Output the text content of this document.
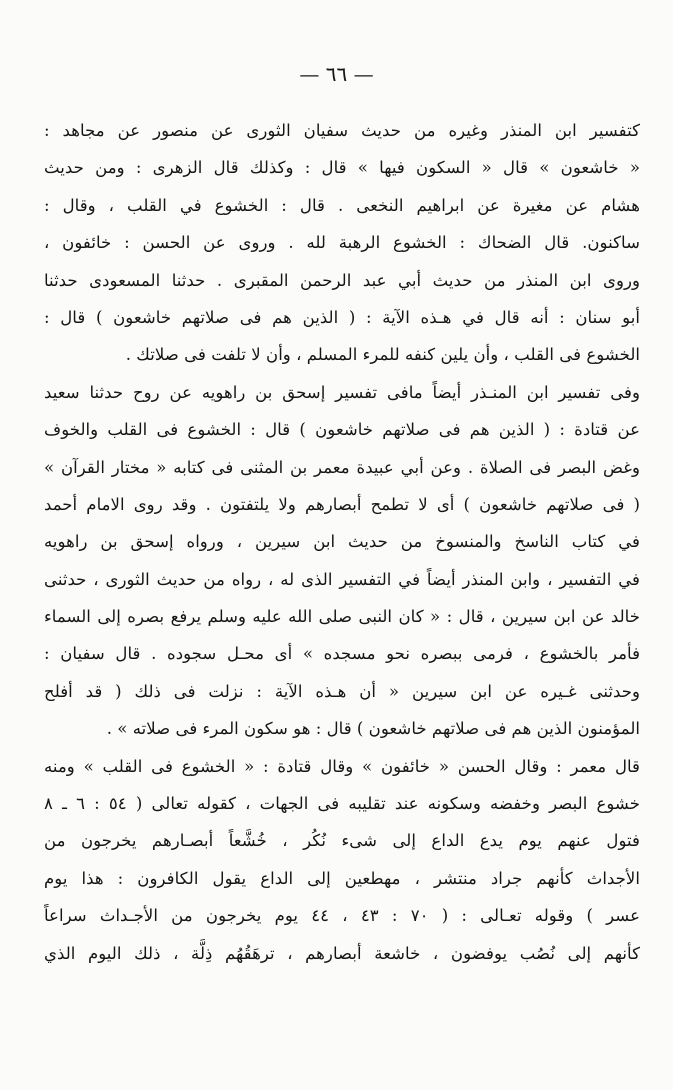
— ٦٦ —
كتفسير ابن المنذر وغيره من حديث سفيان الثورى عن منصور عن مجاهد :
« خاشعون » قال « السكون فيها » قال : وكذلك قال الزهرى : ومن حديث
هشام عن مغيرة عن ابراهيم النخعى . قال : الخشوع في القلب ، وقال :
ساكنون. قال الضحاك : الخشوع الرهبة لله . وروى عن الحسن : خائفون ،
وروى ابن المنذر من حديث أبي عبد الرحمن المقبرى . حدثنا المسعودى حدثنا
أبو سنان : أنه قال في هـذه الآية : ( الذين هم فى صلاتهم خاشعون ) قال :
الخشوع فى القلب ، وأن يلين كنفه للمرء المسلم ، وأن لا تلفت فى صلاتك .
وفى تفسير ابن المنـذر أيضاً مافى تفسير إسحق بن راهويه عن روح حدثنا سعيد
عن قتادة : ( الذين هم فى صلاتهم خاشعون ) قال : الخشوع فى القلب والخوف
وغض البصر فى الصلاة . وعن أبي عبيدة معمر بن المثنى فى كتابه « مختار القرآن »
( فى صلاتهم خاشعون ) أى لا تطمح أبصارهم ولا يلتفتون . وقد روى الامام أحمد
في كتاب الناسخ والمنسوخ من حديث ابن سيرين ، ورواه إسحق بن راهويه
في التفسير ، وابن المنذر أيضاً في التفسير الذى له ، رواه من حديث الثورى ، حدثنى
خالد عن ابن سيرين ، قال : « كان النبى صلى الله عليه وسلم يرفع بصره إلى السماء
فأمر بالخشوع ، فرمى ببصره نحو مسجده » أى محـل سجوده . قال سفيان :
وحدثنى غـيره عن ابن سيرين « أن هـذه الآية : نزلت فى ذلك ( قد أفلح
المؤمنون الذين هم فى صلاتهم خاشعون ) قال : هو سكون المرء فى صلاته » .
قال معمر : وقال الحسن « خائفون » وقال قتادة : « الخشوع فى القلب » ومنه
خشوع البصر وخفضه وسكونه عند تقليبه فى الجهات ، كقوله تعالى ( ٥٤ : ٦ ـ ٨
فتول عنهم يوم يدع الداع إلى شىء نُكُر ، خُشَّعاً أبصـارهم يخرجون من
الأجداث كأنهم جراد منتشر ، مهطعين إلى الداع يقول الكافرون : هذا يوم
عسر ) وقوله تعـالى : ( ٧٠ : ٤٣ ، ٤٤ يوم يخرجون من الأجـداث سراعاً
كأنهم إلى نُصُب يوفضون ، خاشعة أبصارهم ، ترهَقُهُم ذِلَّة ، ذلك اليوم الذي
